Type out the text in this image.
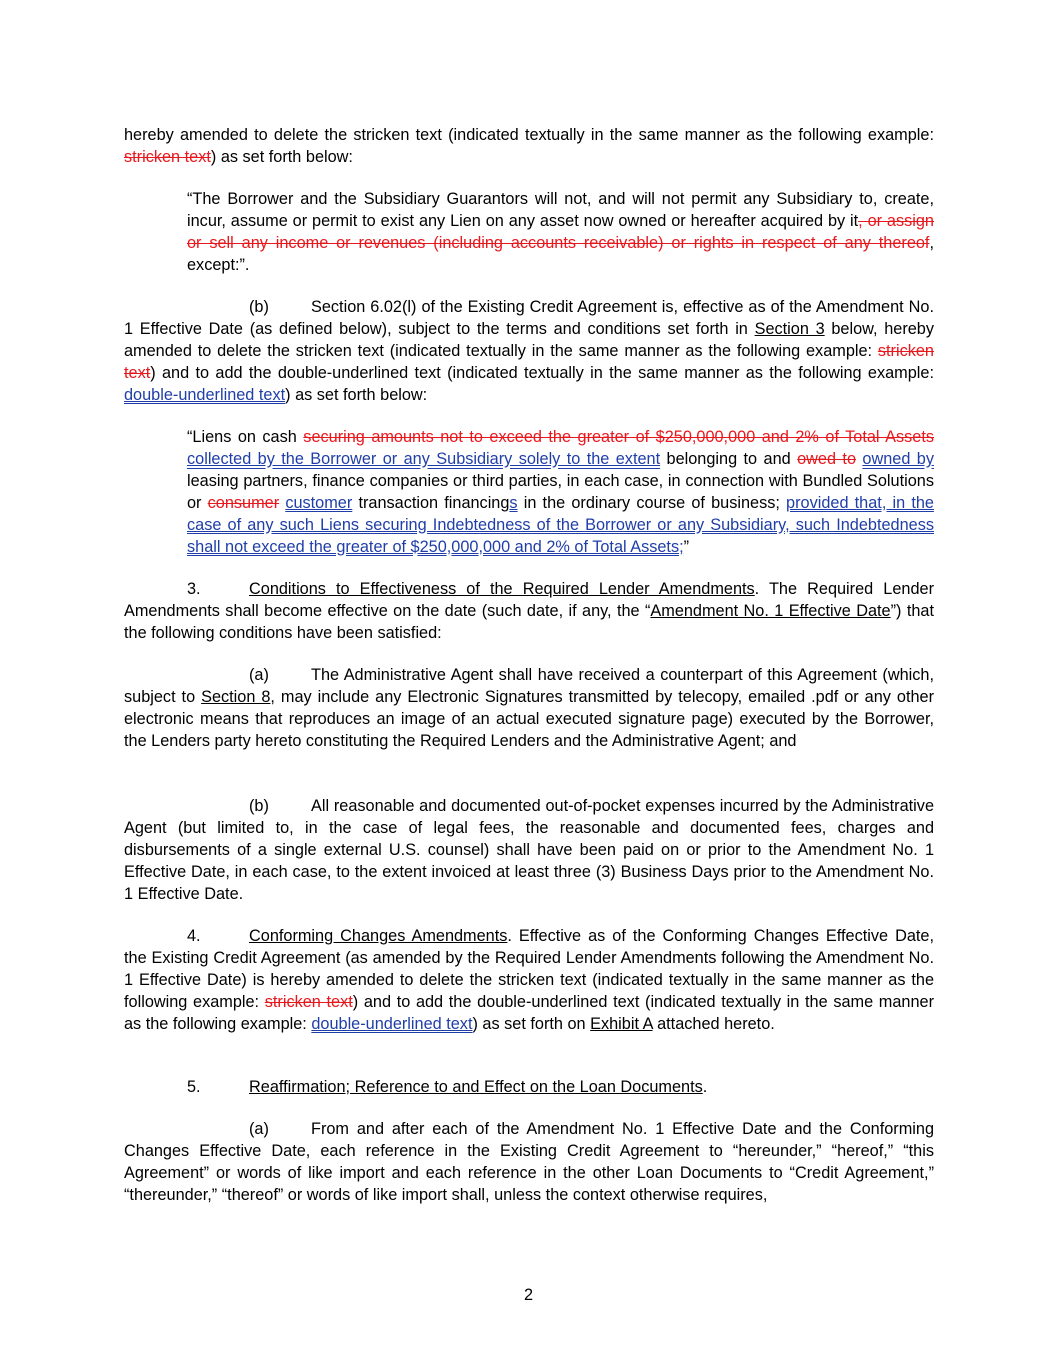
hereby amended to delete the stricken text (indicated textually in the same manner as the following example: stricken text) as set forth below:

“The Borrower and the Subsidiary Guarantors will not, and will not permit any Subsidiary to, create, incur, assume or permit to exist any Lien on any asset now owned or hereafter acquired by it, or assign or sell any income or revenues (including accounts receivable) or rights in respect of any thereof, except:”.

(b)	Section 6.02(l) of the Existing Credit Agreement is, effective as of the Amendment No. 1 Effective Date (as defined below), subject to the terms and conditions set forth in Section 3 below, hereby amended to delete the stricken text (indicated textually in the same manner as the following example: stricken text) and to add the double-underlined text (indicated textually in the same manner as the following example: double-underlined text) as set forth below:

“Liens on cash securing amounts not to exceed the greater of $250,000,000 and 2% of Total Assets collected by the Borrower or any Subsidiary solely to the extent belonging to and owed to owned by leasing partners, finance companies or third parties, in each case, in connection with Bundled Solutions or consumer customer transaction financings in the ordinary course of business; provided that, in the case of any such Liens securing Indebtedness of the Borrower or any Subsidiary, such Indebtedness shall not exceed the greater of $250,000,000 and 2% of Total Assets;”

3.	Conditions to Effectiveness of the Required Lender Amendments. The Required Lender Amendments shall become effective on the date (such date, if any, the “Amendment No. 1 Effective Date”) that the following conditions have been satisfied:

(a)	The Administrative Agent shall have received a counterpart of this Agreement (which, subject to Section 8, may include any Electronic Signatures transmitted by telecopy, emailed .pdf or any other electronic means that reproduces an image of an actual executed signature page) executed by the Borrower, the Lenders party hereto constituting the Required Lenders and the Administrative Agent; and

(b)	All reasonable and documented out-of-pocket expenses incurred by the Administrative Agent (but limited to, in the case of legal fees, the reasonable and documented fees, charges and disbursements of a single external U.S. counsel) shall have been paid on or prior to the Amendment No. 1 Effective Date, in each case, to the extent invoiced at least three (3) Business Days prior to the Amendment No. 1 Effective Date.

4.	Conforming Changes Amendments. Effective as of the Conforming Changes Effective Date, the Existing Credit Agreement (as amended by the Required Lender Amendments following the Amendment No. 1 Effective Date) is hereby amended to delete the stricken text (indicated textually in the same manner as the following example: stricken text) and to add the double-underlined text (indicated textually in the same manner as the following example: double-underlined text) as set forth on Exhibit A attached hereto.

5.	Reaffirmation; Reference to and Effect on the Loan Documents.

(a)	From and after each of the Amendment No. 1 Effective Date and the Conforming Changes Effective Date, each reference in the Existing Credit Agreement to “hereunder,” “hereof,” “this Agreement” or words of like import and each reference in the other Loan Documents to “Credit Agreement,” “thereunder,” “thereof” or words of like import shall, unless the context otherwise requires,

2
